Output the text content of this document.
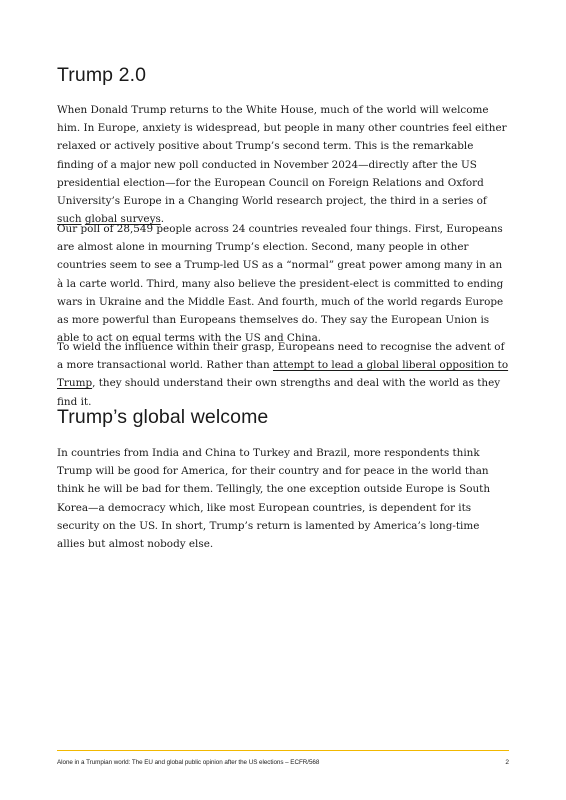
Trump 2.0

When Donald Trump returns to the White House, much of the world will welcome him. In Europe, anxiety is widespread, but people in many other countries feel either relaxed or actively positive about Trump’s second term. This is the remarkable finding of a major new poll conducted in November 2024—directly after the US presidential election—for the European Council on Foreign Relations and Oxford University’s Europe in a Changing World research project, the third in a series of such global surveys.

Our poll of 28,549 people across 24 countries revealed four things. First, Europeans are almost alone in mourning Trump’s election. Second, many people in other countries seem to see a Trump-led US as a “normal” great power among many in an à la carte world. Third, many also believe the president-elect is committed to ending wars in Ukraine and the Middle East. And fourth, much of the world regards Europe as more powerful than Europeans themselves do. They say the European Union is able to act on equal terms with the US and China.

To wield the influence within their grasp, Europeans need to recognise the advent of a more transactional world. Rather than attempt to lead a global liberal opposition to Trump, they should understand their own strengths and deal with the world as they find it.

Trump’s global welcome

In countries from India and China to Turkey and Brazil, more respondents think Trump will be good for America, for their country and for peace in the world than think he will be bad for them. Tellingly, the one exception outside Europe is South Korea—a democracy which, like most European countries, is dependent for its security on the US. In short, Trump’s return is lamented by America’s long-time allies but almost nobody else.

Alone in a Trumpian world: The EU and global public opinion after the US elections – ECFR/568	2
